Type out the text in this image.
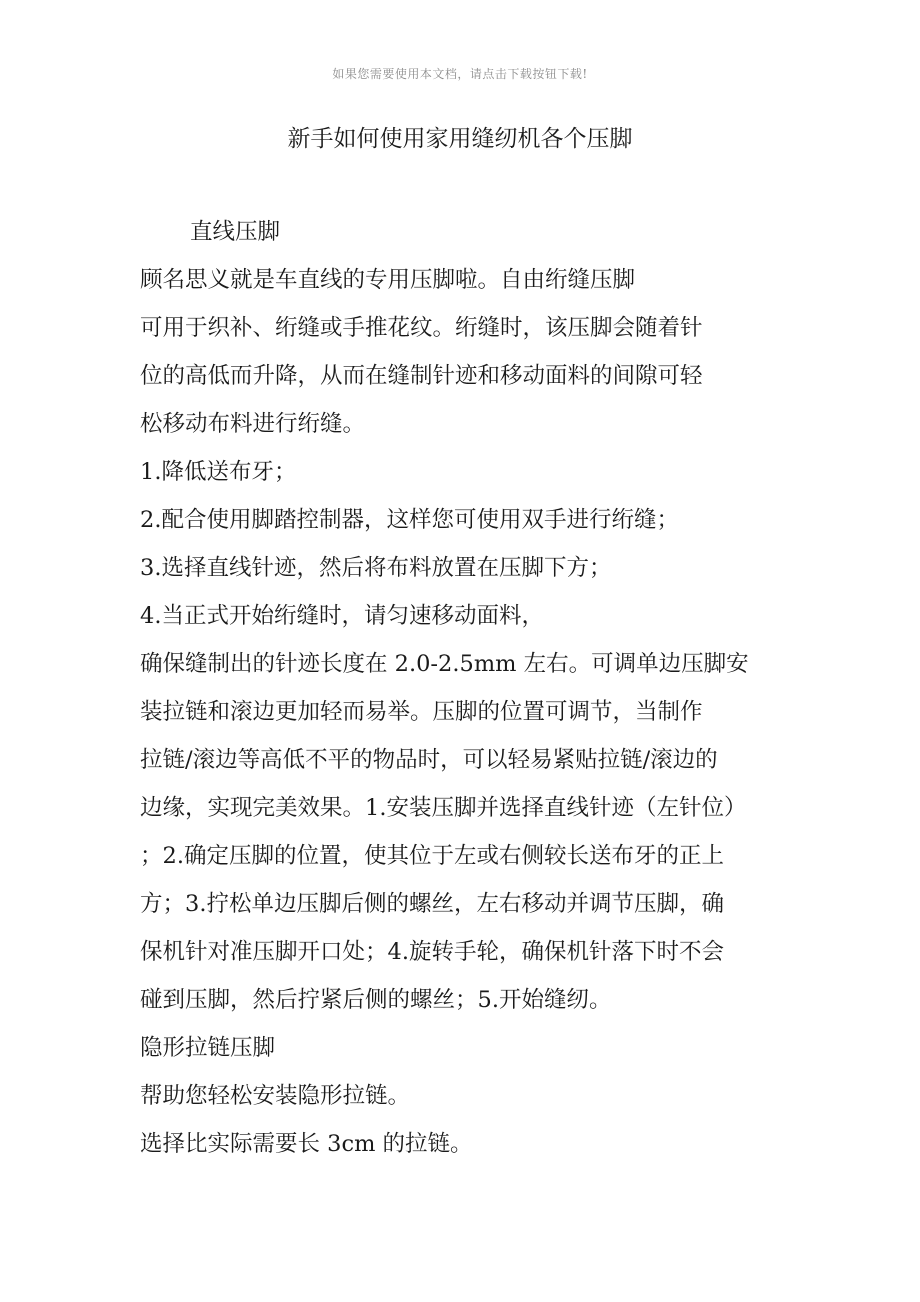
如果您需要使用本文档，请点击下载按钮下载!
新手如何使用家用缝纫机各个压脚
直线压脚
顾名思义就是车直线的专用压脚啦。自由绗缝压脚
可用于织补、绗缝或手推花纹。绗缝时，该压脚会随着针
位的高低而升降，从而在缝制针迹和移动面料的间隙可轻
松移动布料进行绗缝。
1.降低送布牙；
2.配合使用脚踏控制器，这样您可使用双手进行绗缝；
3.选择直线针迹，然后将布料放置在压脚下方；
4.当正式开始绗缝时，请匀速移动面料，
确保缝制出的针迹长度在 2.0-2.5mm 左右。可调单边压脚安
装拉链和滚边更加轻而易举。压脚的位置可调节，当制作
拉链/滚边等高低不平的物品时，可以轻易紧贴拉链/滚边的
边缘，实现完美效果。1.安装压脚并选择直线针迹（左针位）
；2.确定压脚的位置，使其位于左或右侧较长送布牙的正上
方；3.拧松单边压脚后侧的螺丝，左右移动并调节压脚，确
保机针对准压脚开口处；4.旋转手轮，确保机针落下时不会
碰到压脚，然后拧紧后侧的螺丝；5.开始缝纫。
隐形拉链压脚
帮助您轻松安装隐形拉链。
选择比实际需要长 3cm 的拉链。
